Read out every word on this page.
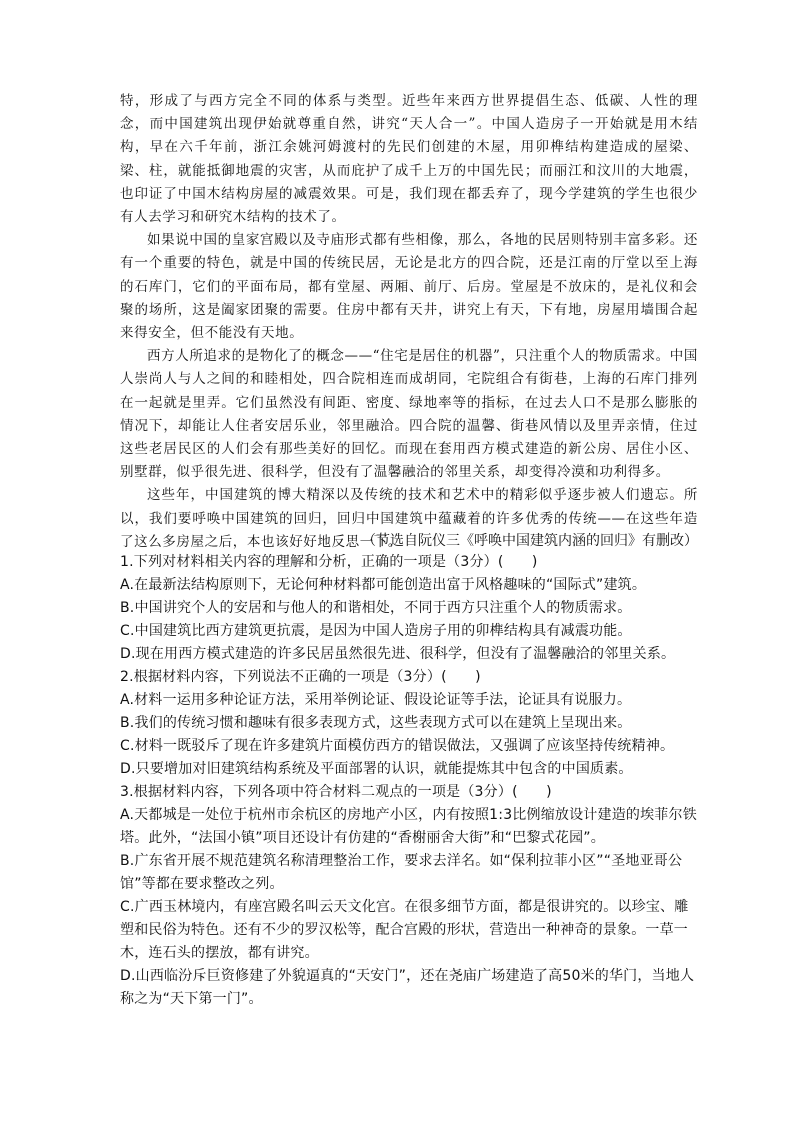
特，形成了与西方完全不同的体系与类型。近些年来西方世界提倡生态、低碳、人性的理念，而中国建筑出现伊始就尊重自然，讲究“天人合一”。中国人造房子一开始就是用木结构，早在六千年前，浙江余姚河姆渡村的先民们创建的木屋，用卯榫结构建造成的屋梁、梁、柱，就能抵御地震的灾害，从而庇护了成千上万的中国先民；而丽江和汶川的大地震，也印证了中国木结构房屋的减震效果。可是，我们现在都丢弃了，现今学建筑的学生也很少有人去学习和研究木结构的技术了。

如果说中国的皇家宫殿以及寺庙形式都有些相像，那么，各地的民居则特别丰富多彩。还有一个重要的特色，就是中国的传统民居，无论是北方的四合院，还是江南的厅堂以至上海的石库门，它们的平面布局，都有堂屋、两厢、前厅、后房。堂屋是不放床的，是礼仪和会聚的场所，这是阖家团聚的需要。住房中都有天井，讲究上有天，下有地，房屋用墙围合起来得安全，但不能没有天地。

西方人所追求的是物化了的概念——“住宅是居住的机器”，只注重个人的物质需求。中国人崇尚人与人之间的和睦相处，四合院相连而成胡同，宅院组合有街巷，上海的石库门排列在一起就是里弄。它们虽然没有间距、密度、绿地率等的指标，在过去人口不是那么膨胀的情况下，却能让人住者安居乐业，邻里融洽。四合院的温馨、街巷风情以及里弄亲情，住过这些老居民区的人们会有那些美好的回忆。而现在套用西方模式建造的新公房、居住小区、别墅群，似乎很先进、很科学，但没有了温馨融洽的邻里关系，却变得冷漠和功利得多。

这些年，中国建筑的博大精深以及传统的技术和艺术中的精彩似乎逐步被人们遗忘。所以，我们要呼唤中国建筑的回归，回归中国建筑中蕴藏着的许多优秀的传统——在这些年造了这么多房屋之后，本也该好好地反思一下。

（节选自阮仪三《呼唤中国建筑内涵的回归》有删改）

1.下列对材料相关内容的理解和分析，正确的一项是（3分）(　　)

A.在最新法结构原则下，无论何种材料都可能创造出富于风格趣味的“国际式”建筑。

B.中国讲究个人的安居和与他人的和谐相处，不同于西方只注重个人的物质需求。

C.中国建筑比西方建筑更抗震，是因为中国人造房子用的卯榫结构具有减震功能。

D.现在用西方模式建造的许多民居虽然很先进、很科学，但没有了温馨融洽的邻里关系。

2.根据材料内容，下列说法不正确的一项是（3分）(　　)

A.材料一运用多种论证方法，采用举例论证、假设论证等手法，论证具有说服力。

B.我们的传统习惯和趣味有很多表现方式，这些表现方式可以在建筑上呈现出来。

C.材料一既驳斥了现在许多建筑片面模仿西方的错误做法，又强调了应该坚持传统精神。

D.只要增加对旧建筑结构系统及平面部署的认识，就能提炼其中包含的中国质素。

3.根据材料内容，下列各项中符合材料二观点的一项是（3分）(　　)

A.天都城是一处位于杭州市余杭区的房地产小区，内有按照1:3比例缩放设计建造的埃菲尔铁塔。此外，“法国小镇”项目还设计有仿建的“香榭丽舍大街”和“巴黎式花园”。

B.广东省开展不规范建筑名称清理整治工作，要求去洋名。如“保利拉菲小区”“圣地亚哥公馆”等都在要求整改之列。

C.广西玉林境内，有座宫殿名叫云天文化宫。在很多细节方面，都是很讲究的。以珍宝、雕塑和民俗为特色。还有不少的罗汉松等，配合宫殿的形状，营造出一种神奇的景象。一草一木，连石头的摆放，都有讲究。

D.山西临汾斥巨资修建了外貌逼真的“天安门”，还在尧庙广场建造了高50米的华门，当地人称之为“天下第一门”。
